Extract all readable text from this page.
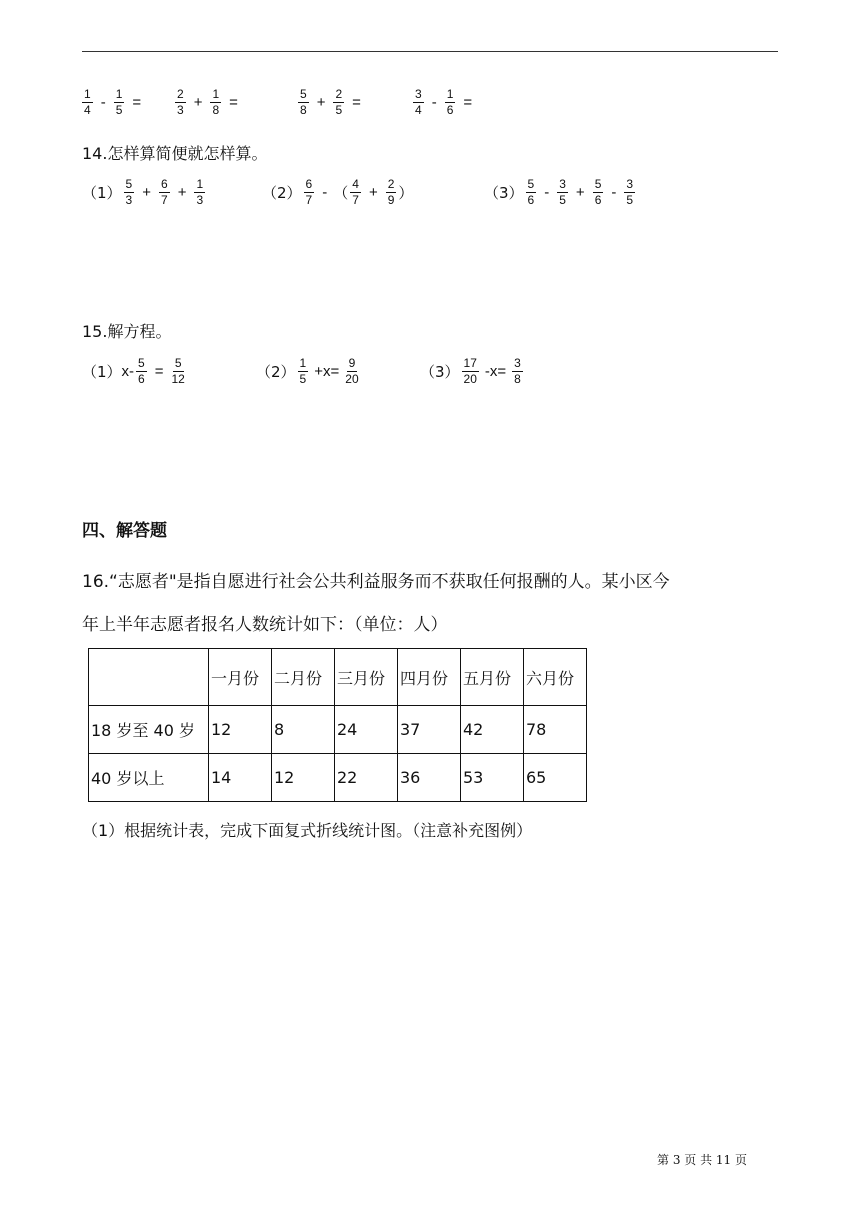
$\frac{1}{4} - \frac{1}{5}$ =	$\frac{2}{3} + \frac{1}{8}$ =	$\frac{5}{8} + \frac{2}{5}$ =	$\frac{3}{4} - \frac{1}{6}$ =
14.怎样算简便就怎样算。
$(1) \frac{5}{3} + \frac{6}{7} + \frac{1}{3}$	$(2) \frac{6}{7}$ - （ $\frac{4}{7} + \frac{2}{9}$ ）	$(3) \frac{5}{6} - \frac{3}{5} + \frac{5}{6} - \frac{3}{5}$
15.解方程。
（1） $x- \frac{5}{6} = \frac{5}{12}$	$(2) \frac{1}{5} +x= \frac{9}{20}$	$(3) \frac{17}{20} -x= \frac{3}{8}$
四、解答题
16.“志愿者"是指自愿进行社会公共利益服务而不获取任何报酬的人。某小区今
年上半年志愿者报名人数统计如下：（单位：人）
	一月份	二月份	三月份	四月份	五月份	六月份
18 岁至 40 岁	12	8	24	37	42	78
40 岁以上	14	12	22	36	53	65
（1）根据统计表，完成下面复式折线统计图。（注意补充图例）
第 3 页 共 11 页
